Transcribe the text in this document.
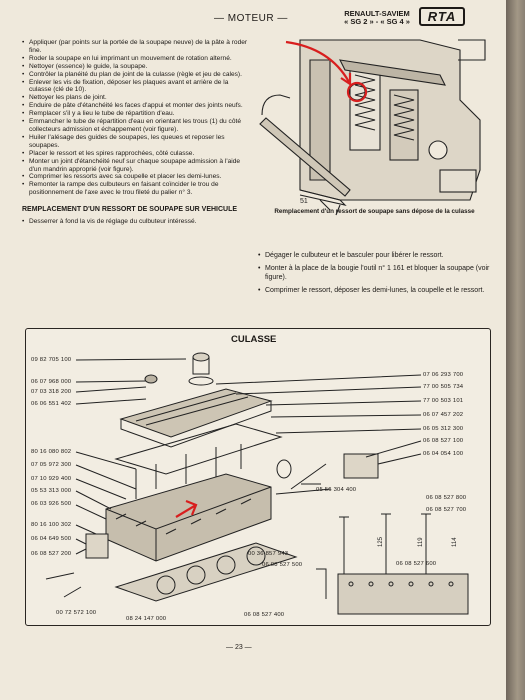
— MOTEUR —	RENAULT-SAVIEM
« SG 2 » - « SG 4 »	RTA
• Appliquer (par points sur la portée de la soupape neuve) de la pâte à roder fine.
• Roder la soupape en lui imprimant un mouvement de rotation alterné.
• Nettoyer (essence) le guide, la soupape.
• Contrôler la planéité du plan de joint de la culasse (règle et jeu de cales).
• Enlever les vis de fixation, déposer les plaques avant et arrière de la culasse (clé de 10).
• Nettoyer les plans de joint.
• Enduire de pâte d'étanchéité les faces d'appui et monter des joints neufs.
• Remplacer s'il y a lieu le tube de répartition d'eau.
• Emmancher le tube de répartition d'eau en orientant les trous (1) du côté collecteurs admission et échappement (voir figure).
• Huiler l'alésage des guides de soupapes, les queues et reposer les soupapes.
• Placer le ressort et les spires rapprochées, côté culasse.
• Monter un joint d'étanchéité neuf sur chaque soupape admission à l'aide d'un mandrin approprié (voir figure).
• Comprimer les ressorts avec sa coupelle et placer les demi-lunes.
• Remonter la rampe des culbuteurs en faisant coïncider le trou de positionnement de l'axe avec le trou fileté du palier n° 3.
REMPLACEMENT D'UN RESSORT DE SOUPAPE SUR VEHICULE
• Desserrer à fond la vis de réglage du culbuteur intéressé.
51
Remplacement d'un ressort de soupape sans dépose de la culasse
• Dégager le culbuteur et le basculer pour libérer le ressort.
• Monter à la place de la bougie l'outil n° 1 161 et bloquer la soupape (voir figure).
• Comprimer le ressort, déposer les demi-lunes, la coupelle et le ressort.
CULASSE
125	119	114
09 82 705 100
06 07 968 000
07 03 318 200
06 06 551 402
80 16 080 802
07 05 972 300
07 10 929 400
05 53 313 000
06 03 926 500
80 16 100 302
06 04 649 500
06 08 527 200
07 06 293 700
77 00 505 734
77 00 503 101
06 07 457 202
06 05 312 300
06 08 527 100
06 04 054 100
05 56 304 400
06 08 527 800
06 08 527 700
00 36 857 943
06 08 527 500	06 08 527 600
06 08 527 400
00 72 572 100
08 24 147 000
— 23 —
